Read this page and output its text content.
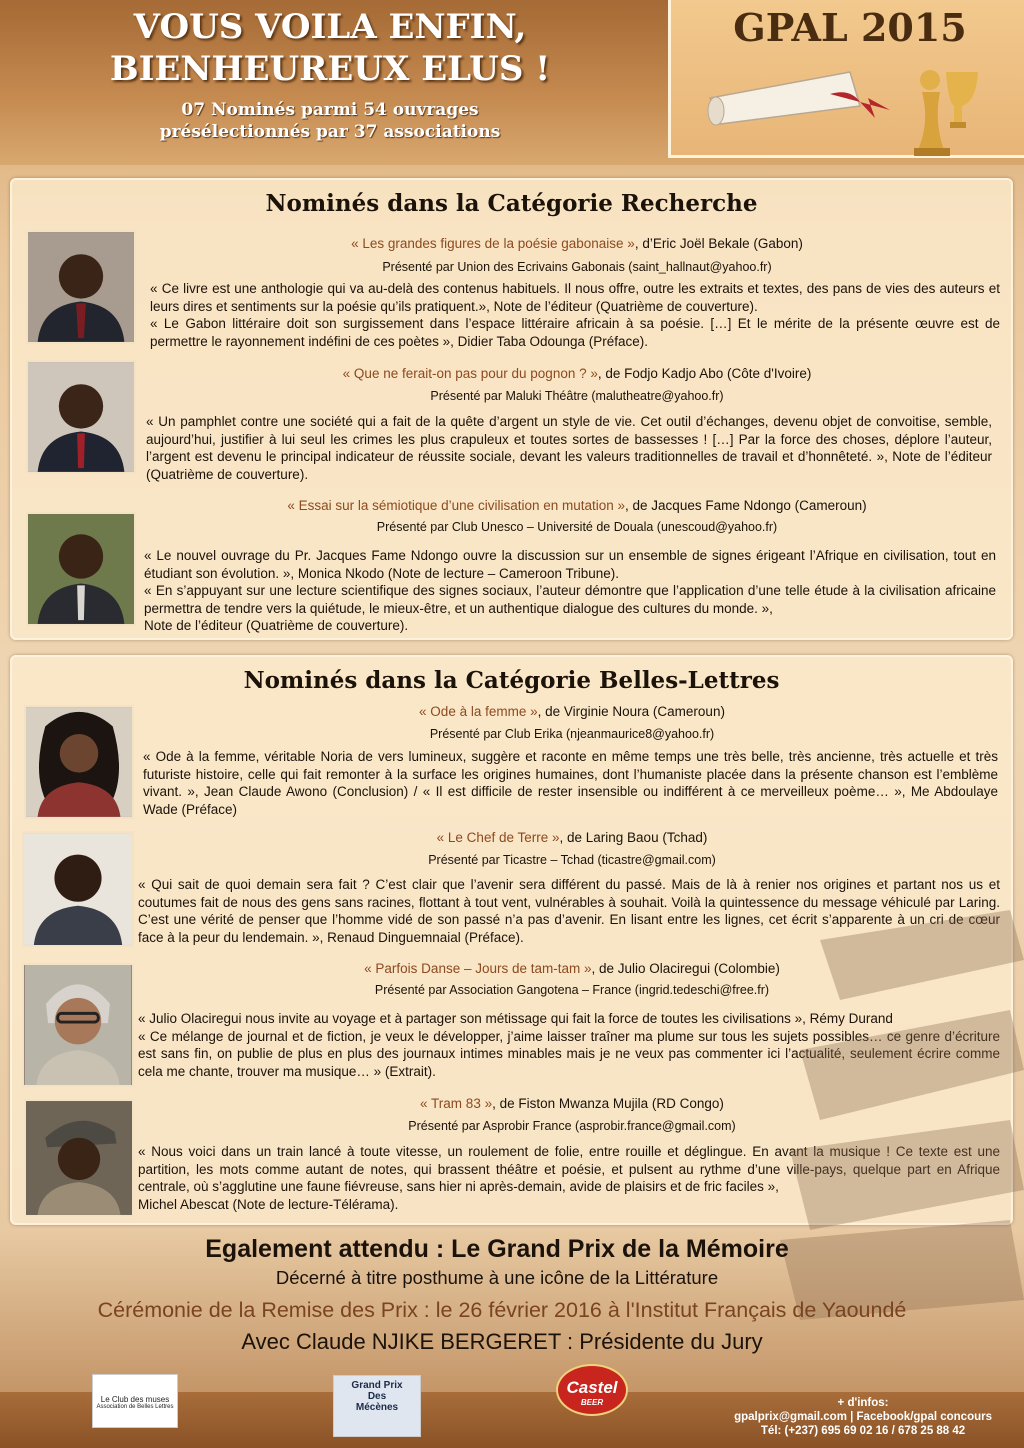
VOUS VOILA ENFIN,
BIENHEUREUX ELUS !
07 Nominés parmi 54 ouvrages
présélectionnés par 37 associations
GPAL 2015
Nominés dans la Catégorie Recherche
« Les grandes figures de la poésie gabonaise », d’Eric Joël Bekale (Gabon)
Présenté par Union des Ecrivains Gabonais (saint_hallnaut@yahoo.fr)
« Ce livre est une anthologie qui va au-delà des contenus habituels. Il nous offre, outre les extraits et textes, des pans de vies des auteurs et leurs dires et sentiments sur la poésie qu’ils pratiquent.», Note de l’éditeur (Quatrième de couverture).
« Le Gabon littéraire doit son surgissement dans l’espace littéraire africain à sa poésie. […] Et le mérite de la présente œuvre est de permettre le rayonnement indéfini de ces poètes », Didier Taba Odounga (Préface).
« Que ne ferait-on pas pour du pognon ? », de Fodjo Kadjo Abo (Côte d'Ivoire)
Présenté par Maluki Théâtre (malutheatre@yahoo.fr)
« Un pamphlet contre une société qui a fait de la quête d’argent un style de vie. Cet outil d’échanges, devenu objet de convoitise, semble, aujourd’hui, justifier à lui seul les crimes les plus crapuleux et toutes sortes de bassesses ! […] Par la force des choses, déplore l’auteur, l’argent est devenu le principal indicateur de réussite sociale, devant les valeurs traditionnelles de travail et d’honnêteté. », Note de l’éditeur (Quatrième de couverture).
« Essai sur la sémiotique d’une civilisation en mutation », de Jacques Fame Ndongo (Cameroun)
Présenté par Club Unesco – Université de Douala (unescoud@yahoo.fr)
« Le nouvel ouvrage du Pr. Jacques Fame Ndongo ouvre la discussion sur un ensemble de signes érigeant l’Afrique en civilisation, tout en étudiant son évolution. », Monica Nkodo (Note de lecture – Cameroon Tribune).
« En s’appuyant sur une lecture scientifique des signes sociaux, l’auteur démontre que l’application d’une telle étude à la civilisation africaine permettra de tendre vers la quiétude, le mieux-être, et un authentique dialogue des cultures du monde. »,
Note de l’éditeur (Quatrième de couverture).
Nominés dans la Catégorie Belles-Lettres
« Ode à la femme », de Virginie Noura (Cameroun)
Présenté par Club Erika (njeanmaurice8@yahoo.fr)
« Ode à la femme, véritable Noria de vers lumineux, suggère et raconte en même temps une très belle, très ancienne, très actuelle et très futuriste histoire, celle qui fait remonter à la surface les origines humaines, dont l’humaniste placée dans la présente chanson est l’emblème vivant. », Jean Claude Awono (Conclusion) / « Il est difficile de rester insensible ou indifférent à ce merveilleux poème… », Me Abdoulaye Wade (Préface)
« Le Chef de Terre », de Laring Baou (Tchad)
Présenté par Ticastre – Tchad (ticastre@gmail.com)
« Qui sait de quoi demain sera fait ? C’est clair que l’avenir sera différent du passé. Mais de là à renier nos origines et partant nos us et coutumes fait de nous des gens sans racines, flottant à tout vent, vulnérables à souhait. Voilà la quintessence du message véhiculé par Laring. C’est une vérité de penser que l’homme vidé de son passé n’a pas d’avenir. En lisant entre les lignes, cet écrit s’apparente à un cri de cœur face à la peur du lendemain. », Renaud Dinguemnaial (Préface).
« Parfois Danse – Jours de tam-tam », de Julio Olaciregui (Colombie)
Présenté par Association Gangotena – France (ingrid.tedeschi@free.fr)
« Julio Olaciregui nous invite au voyage et à partager son métissage qui fait la force de toutes les civilisations », Rémy Durand
« Ce mélange de journal et de fiction, je veux le développer, j’aime laisser traîner ma plume sur tous les sujets possibles… ce genre d’écriture est sans fin, on publie de plus en plus des journaux intimes minables mais je ne veux pas commenter ici l’actualité, seulement écrire comme cela me chante, trouver ma musique… » (Extrait).
« Tram 83 », de Fiston Mwanza Mujila (RD Congo)
Présenté par Asprobir France (asprobir.france@gmail.com)
« Nous voici dans un train lancé à toute vitesse, un roulement de folie, entre rouille et déglingue. En avant la musique ! Ce texte est une partition, les mots comme autant de notes, qui brassent théâtre et poésie, et pulsent au rythme d’une ville-pays, quelque part en Afrique centrale, où s’agglutine une faune fiévreuse, sans hier ni après-demain, avide de plaisirs et de fric faciles »,
Michel Abescat (Note de lecture-Télérama).
Egalement attendu : Le Grand Prix de la Mémoire
Décerné à titre posthume à une icône de la Littérature
Cérémonie de la Remise des Prix : le 26 février 2016 à l'Institut Français de Yaoundé
Avec Claude NJIKE BERGERET : Présidente du Jury
Le Club des muses
Association de Belles Lettres
Grand Prix
Des
Mécènes
Castel
BEER	+ d'infos:
gpalprix@gmail.com | Facebook/gpal concours
Tél: (+237) 695 69 02 16 / 678 25 88 42
